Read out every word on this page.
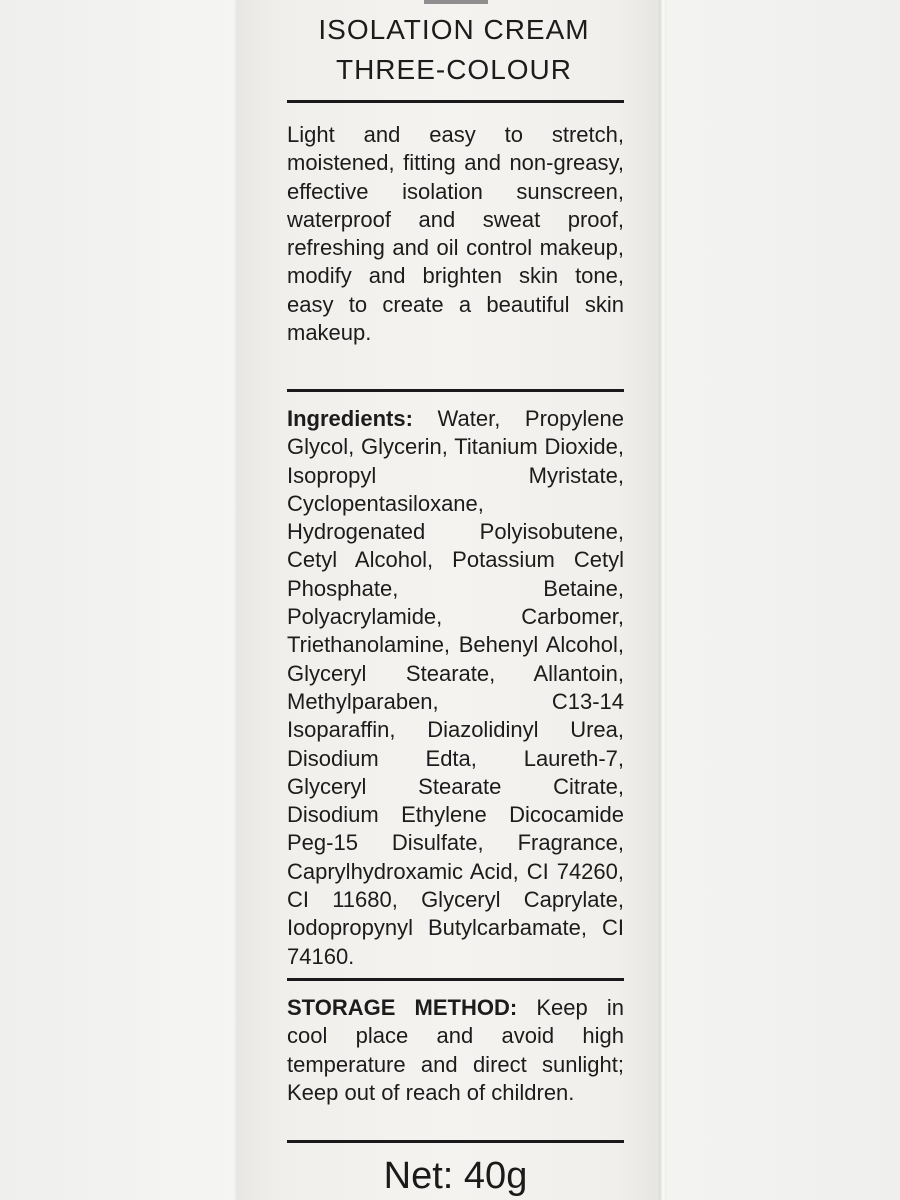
ISOLATION CREAM
THREE-COLOUR

Light and easy to stretch, moistened, fitting and non-greasy, effective isolation sunscreen, waterproof and sweat proof, refreshing and oil control makeup, modify and brighten skin tone, easy to create a beautiful skin makeup.

Ingredients: Water, Propylene Glycol, Glycerin, Titanium Dioxide, Isopropyl Myristate, Cyclopentasiloxane, Hydrogenated Polyisobutene, Cetyl Alcohol, Potassium Cetyl Phosphate, Betaine, Polyacrylamide, Carbomer, Triethanolamine, Behenyl Alcohol, Glyceryl Stearate, Allantoin, Methylparaben, C13-14 Isoparaffin, Diazolidinyl Urea, Disodium Edta, Laureth-7, Glyceryl Stearate Citrate, Disodium Ethylene Dicocamide Peg-15 Disulfate, Fragrance, Caprylhydroxamic Acid, CI 74260, CI 11680, Glyceryl Caprylate, Iodopropynyl Butylcarbamate, CI 74160.

STORAGE METHOD: Keep in cool place and avoid high temperature and direct sunlight; Keep out of reach of children.

Net: 40g
